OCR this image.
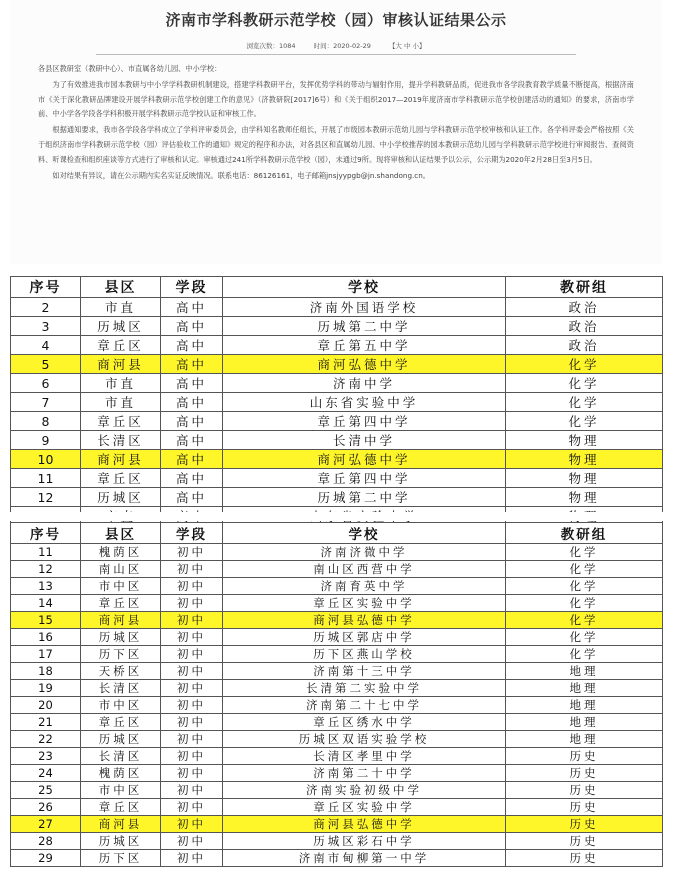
济南市学科教研示范学校（园）审核认证结果公示
浏览次数：1084	时间：2020-02-29	【大 中 小】

各县区教研室（教研中心）、市直属各幼儿园、中小学校：

为了有效推进我市园本教研与中小学学科教研机制建设，搭建学科教研平台，发挥优势学科的带动与辐射作用，提升学科教研品质，促进我市各学段教育教学质量不断提高，根据济南市《关于深化教研品牌建设开展学科教研示范学校创建工作的意见》（济教研院[2017]6号）和《关于组织2017—2019年度济南市学科教研示范学校创建活动的通知》的要求，济南市学前、中小学各学段各学科积极开展学科教研示范学校认证和审核工作。

根据通知要求，我市各学段各学科成立了学科评审委员会，由学科知名教师任组长，开展了市级园本教研示范幼儿园与学科教研示范学校审核和认证工作。各学科评委会严格按照《关于组织济南市学科教研示范学校（园）评估验收工作的通知》规定的程序和办法，对各县区和直属幼儿园、中小学校推荐的园本教研示范幼儿园与学科教研示范学校进行审阅报告、查阅资料、听课检查和组织座谈等方式进行了审核和认定。审核通过241所学科教研示范学校（园），未通过9所。现将审核和认证结果予以公示，公示期为2020年2月28日至3月5日。

如对结果有异议，请在公示期内实名实证反映情况。联系电话：86126161，电子邮箱jnsjyypgb@jn.shandong.cn。

序号	县区	学段	学校	教研组
2	市直	高中	济南外国语学校	政治
3	历城区	高中	历城第二中学	政治
4	章丘区	高中	章丘第五中学	政治
5	商河县	高中	商河弘德中学	化学
6	市直	高中	济南中学	化学
7	市直	高中	山东省实验中学	化学
8	章丘区	高中	章丘第四中学	化学
9	长清区	高中	长清中学	物理
10	商河县	高中	商河弘德中学	物理
11	章丘区	高中	章丘第四中学	物理
12	历城区	高中	历城第二中学	物理

序号	县区	学段	学校	教研组
11	槐荫区	初中	济南济微中学	化学
12	南山区	初中	南山区西营中学	化学
13	市中区	初中	济南育英中学	化学
14	章丘区	初中	章丘区实验中学	化学
15	商河县	初中	商河县弘德中学	化学
16	历城区	初中	历城区郭店中学	化学
17	历下区	初中	历下区燕山学校	化学
18	天桥区	初中	济南第十三中学	地理
19	长清区	初中	长清第二实验中学	地理
20	市中区	初中	济南第二十七中学	地理
21	章丘区	初中	章丘区绣水中学	地理
22	历城区	初中	历城区双语实验学校	地理
23	长清区	初中	长清区孝里中学	历史
24	槐荫区	初中	济南第二十中学	历史
25	市中区	初中	济南实验初级中学	历史
26	章丘区	初中	章丘区实验中学	历史
27	商河县	初中	商河县弘德中学	历史
28	历城区	初中	历城区彩石中学	历史
29	历下区	初中	济南市甸柳第一中学	历史
